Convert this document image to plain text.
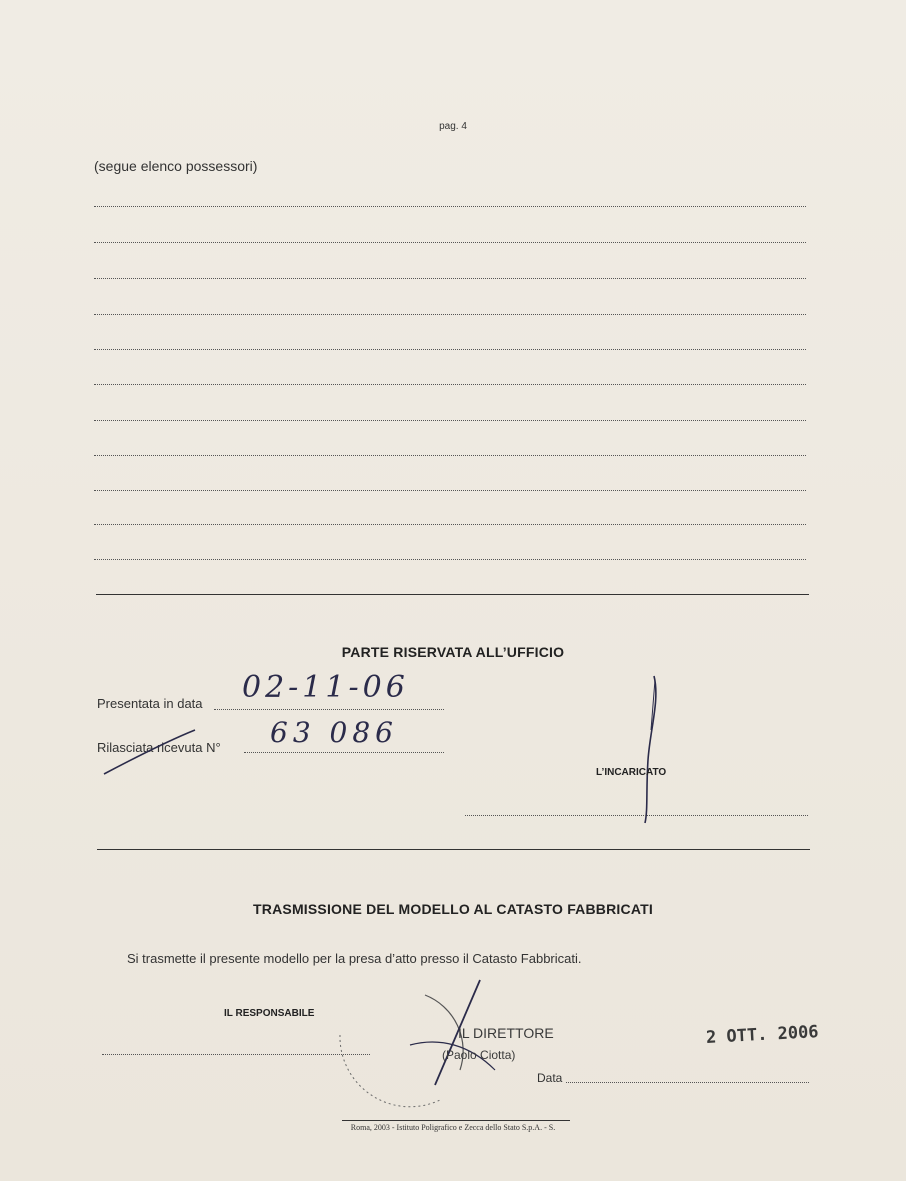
pag. 4
(segue elenco possessori)
PARTE RISERVATA ALL’UFFICIO
Presentata in data 02-11-06
Rilasciata ricevuta N° 63 086
L’INCARICATO
TRASMISSIONE DEL MODELLO AL CATASTO FABBRICATI
Si trasmette il presente modello per la presa d’atto presso il Catasto Fabbricati.
IL RESPONSABILE
IL DIRETTORE
(Paolo Ciotta)
Data
2 OTT. 2006
Roma, 2003 - Istituto Poligrafico e Zecca dello Stato S.p.A. - S.
